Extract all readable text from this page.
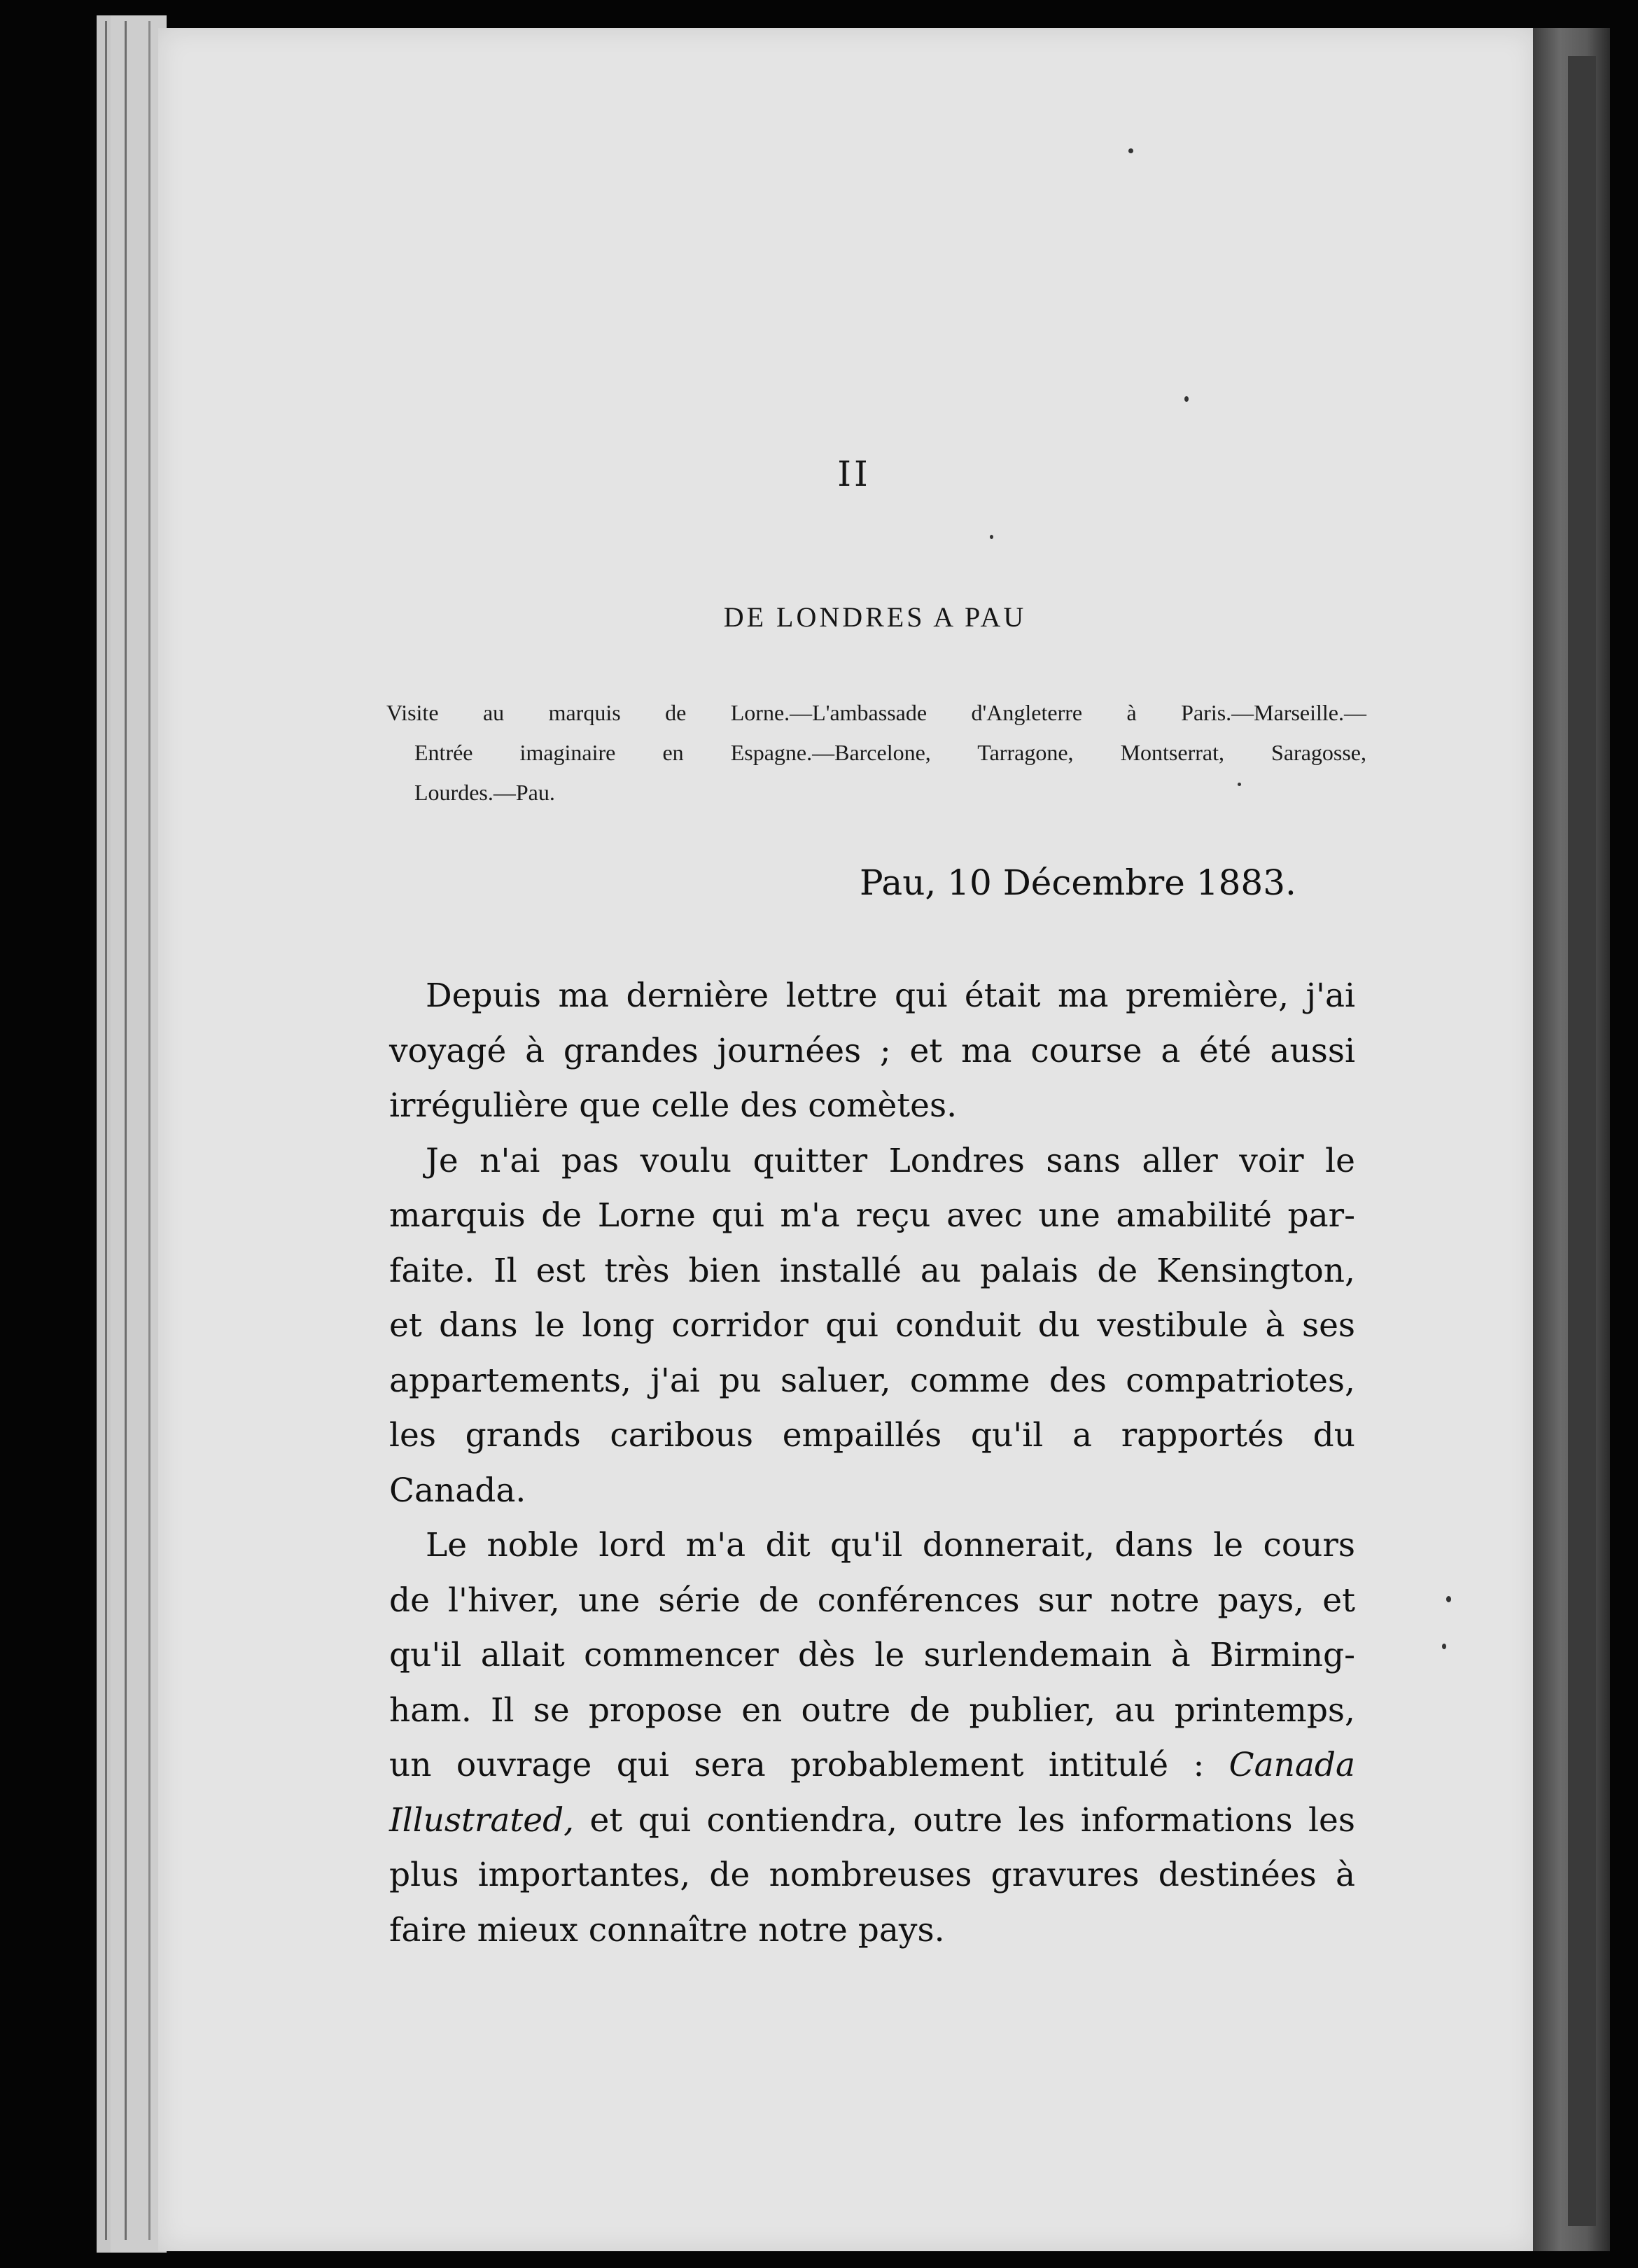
II
DE LONDRES A PAU
Visite au marquis de Lorne.—L'ambassade d'Angleterre à Paris.—Marseille.—
Entrée imaginaire en Espagne.—Barcelone, Tarragone, Montserrat, Saragosse,
Lourdes.—Pau.
Pau, 10 Décembre 1883.
Depuis ma dernière lettre qui était ma première, j'ai
voyagé à grandes journées ; et ma course a été aussi
irrégulière que celle des comètes.
Je n'ai pas voulu quitter Londres sans aller voir le
marquis de Lorne qui m'a reçu avec une amabilité par-
faite. Il est très bien installé au palais de Kensington,
et dans le long corridor qui conduit du vestibule à ses
appartements, j'ai pu saluer, comme des compatriotes,
les grands caribous empaillés qu'il a rapportés du
Canada.
Le noble lord m'a dit qu'il donnerait, dans le cours
de l'hiver, une série de conférences sur notre pays, et
qu'il allait commencer dès le surlendemain à Birming-
ham. Il se propose en outre de publier, au printemps,
un ouvrage qui sera probablement intitulé : Canada
Illustrated, et qui contiendra, outre les informations les
plus importantes, de nombreuses gravures destinées à
faire mieux connaître notre pays.
